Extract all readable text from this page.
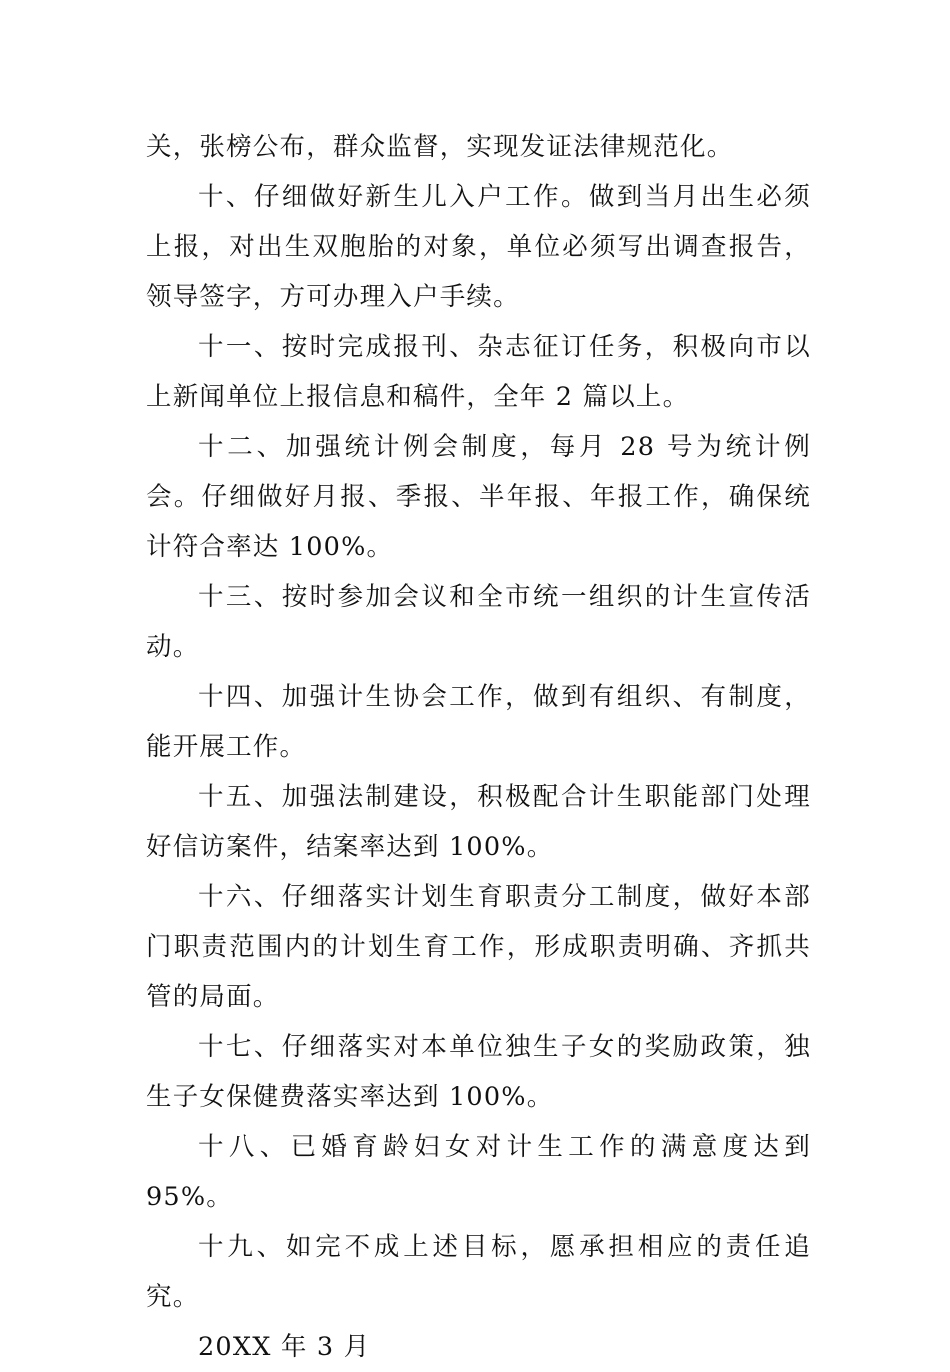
关，张榜公布，群众监督，实现发证法律规范化。

十、仔细做好新生儿入户工作。做到当月出生必须上报，对出生双胞胎的对象，单位必须写出调查报告，领导签字，方可办理入户手续。

十一、按时完成报刊、杂志征订任务，积极向市以上新闻单位上报信息和稿件，全年 2 篇以上。

十二、加强统计例会制度，每月 28 号为统计例会。仔细做好月报、季报、半年报、年报工作，确保统计符合率达 100%。

十三、按时参加会议和全市统一组织的计生宣传活动。

十四、加强计生协会工作，做到有组织、有制度，能开展工作。

十五、加强法制建设，积极配合计生职能部门处理好信访案件，结案率达到 100%。

十六、仔细落实计划生育职责分工制度，做好本部门职责范围内的计划生育工作，形成职责明确、齐抓共管的局面。

十七、仔细落实对本单位独生子女的奖励政策，独生子女保健费落实率达到 100%。

十八、已婚育龄妇女对计生工作的满意度达到 95%。

十九、如完不成上述目标，愿承担相应的责任追究。

20XX 年 3 月
